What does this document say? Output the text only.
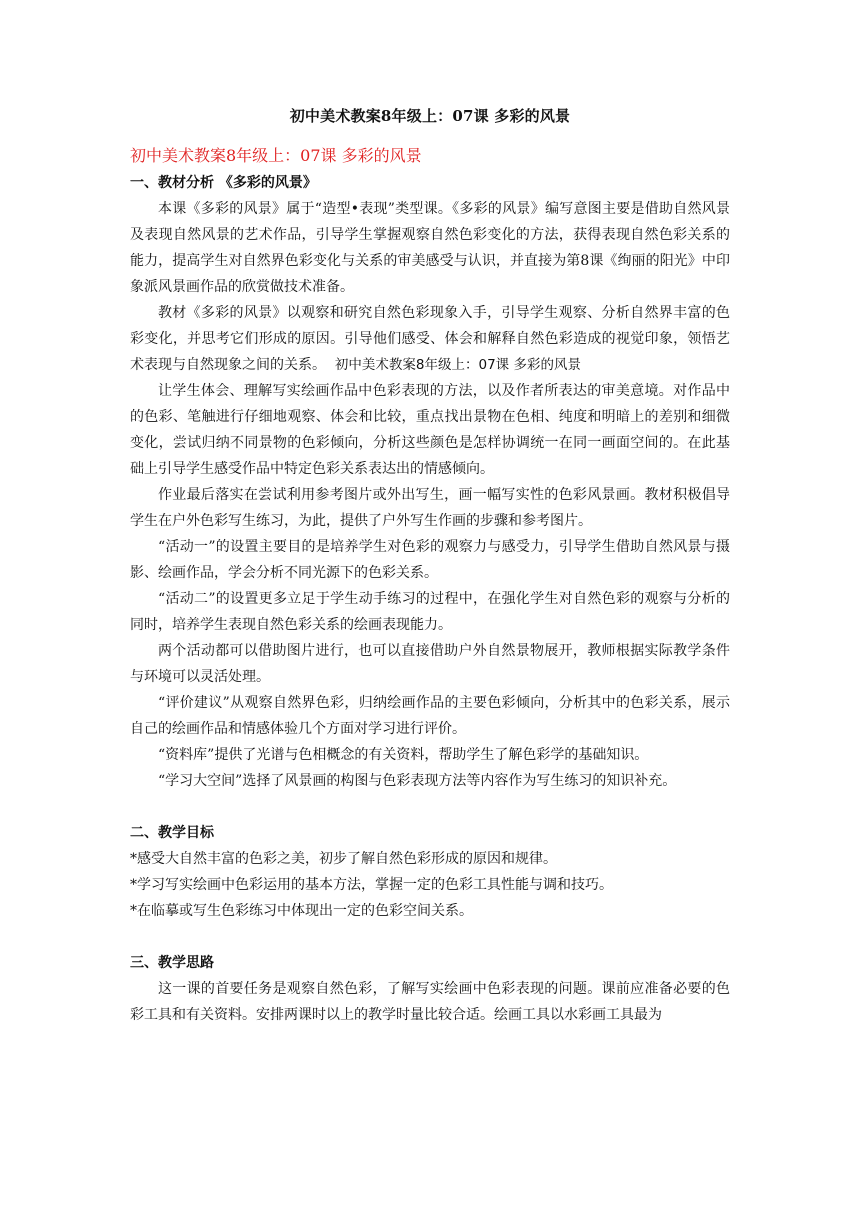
初中美术教案8年级上：07课 多彩的风景
初中美术教案8年级上：07课 多彩的风景
一、教材分析 《多彩的风景》

本课《多彩的风景》属于“造型•表现”类型课。《多彩的风景》编写意图主要是借助自然风景及表现自然风景的艺术作品，引导学生掌握观察自然色彩变化的方法，获得表现自然色彩关系的能力，提高学生对自然界色彩变化与关系的审美感受与认识，并直接为第8课《绚丽的阳光》中印象派风景画作品的欣赏做技术准备。

教材《多彩的风景》以观察和研究自然色彩现象入手，引导学生观察、分析自然界丰富的色彩变化，并思考它们形成的原因。引导他们感受、体会和解释自然色彩造成的视觉印象，领悟艺术表现与自然现象之间的关系。 初中美术教案8年级上：07课 多彩的风景

让学生体会、理解写实绘画作品中色彩表现的方法，以及作者所表达的审美意境。对作品中的色彩、笔触进行仔细地观察、体会和比较，重点找出景物在色相、纯度和明暗上的差别和细微变化，尝试归纳不同景物的色彩倾向，分析这些颜色是怎样协调统一在同一画面空间的。在此基础上引导学生感受作品中特定色彩关系表达出的情感倾向。

作业最后落实在尝试利用参考图片或外出写生，画一幅写实性的色彩风景画。教材积极倡导学生在户外色彩写生练习，为此，提供了户外写生作画的步骤和参考图片。

“活动一”的设置主要目的是培养学生对色彩的观察力与感受力，引导学生借助自然风景与摄影、绘画作品，学会分析不同光源下的色彩关系。

“活动二”的设置更多立足于学生动手练习的过程中，在强化学生对自然色彩的观察与分析的同时，培养学生表现自然色彩关系的绘画表现能力。

两个活动都可以借助图片进行，也可以直接借助户外自然景物展开，教师根据实际教学条件与环境可以灵活处理。

“评价建议”从观察自然界色彩，归纳绘画作品的主要色彩倾向，分析其中的色彩关系，展示自己的绘画作品和情感体验几个方面对学习进行评价。

“资料库”提供了光谱与色相概念的有关资料，帮助学生了解色彩学的基础知识。

“学习大空间”选择了风景画的构图与色彩表现方法等内容作为写生练习的知识补充。

二、教学目标

*感受大自然丰富的色彩之美，初步了解自然色彩形成的原因和规律。

*学习写实绘画中色彩运用的基本方法，掌握一定的色彩工具性能与调和技巧。

*在临摹或写生色彩练习中体现出一定的色彩空间关系。

三、教学思路

这一课的首要任务是观察自然色彩，了解写实绘画中色彩表现的问题。课前应准备必要的色彩工具和有关资料。安排两课时以上的教学时量比较合适。绘画工具以水彩画工具最为
